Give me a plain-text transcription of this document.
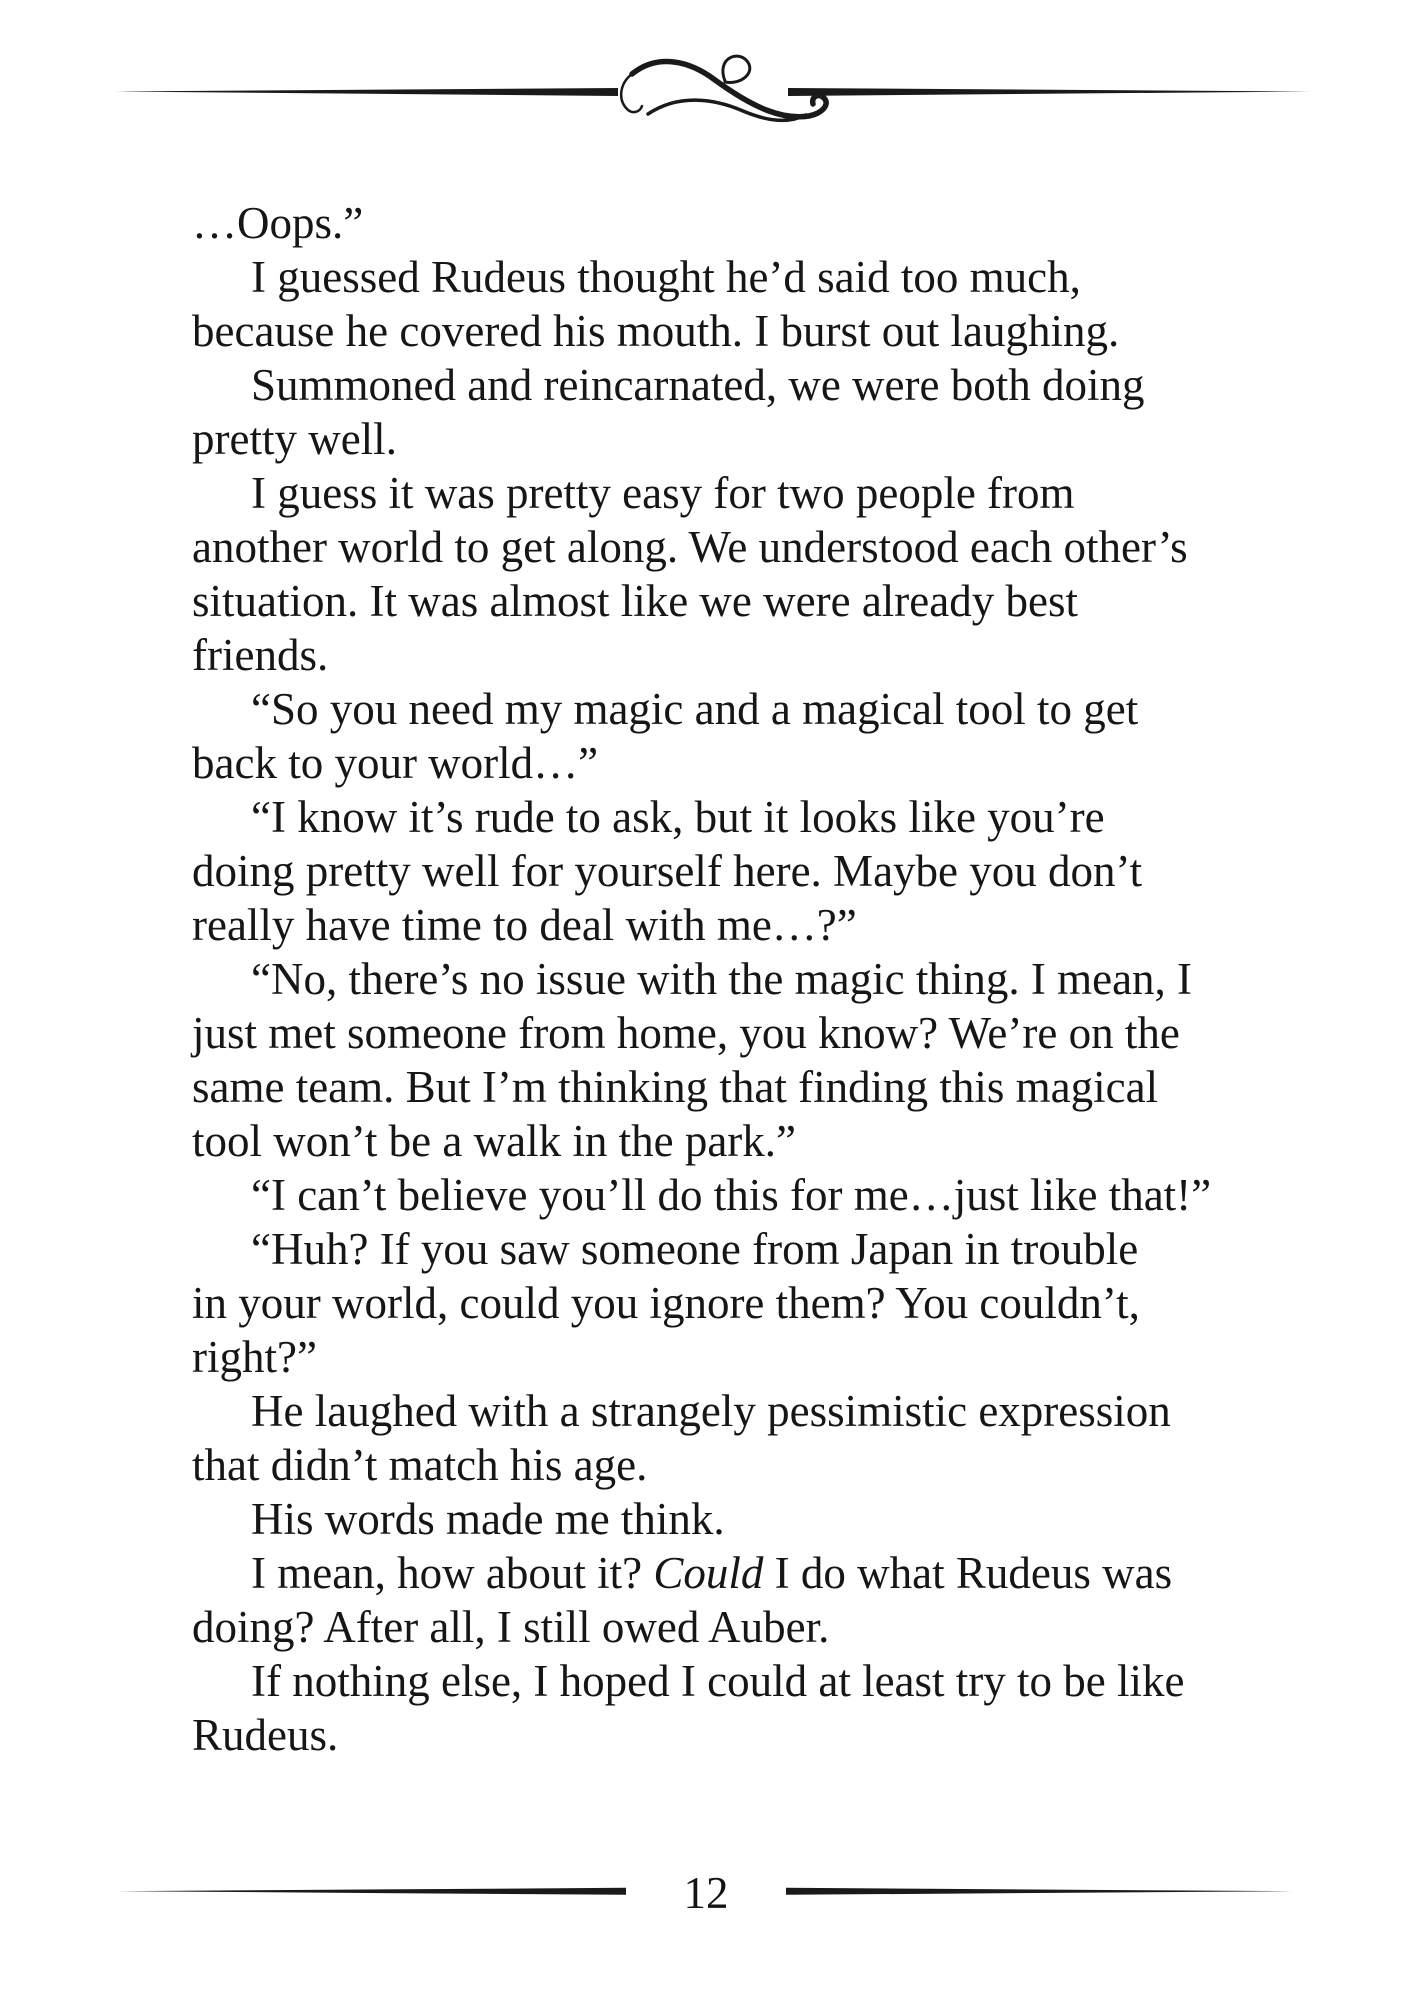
…Oops.”
I guessed Rudeus thought he’d said too much,
because he covered his mouth. I burst out laughing.
Summoned and reincarnated, we were both doing
pretty well.
I guess it was pretty easy for two people from
another world to get along. We understood each other’s
situation. It was almost like we were already best
friends.
“So you need my magic and a magical tool to get
back to your world…”
“I know it’s rude to ask, but it looks like you’re
doing pretty well for yourself here. Maybe you don’t
really have time to deal with me…?”
“No, there’s no issue with the magic thing. I mean, I
just met someone from home, you know? We’re on the
same team. But I’m thinking that finding this magical
tool won’t be a walk in the park.”
“I can’t believe you’ll do this for me…just like that!”
“Huh? If you saw someone from Japan in trouble
in your world, could you ignore them? You couldn’t,
right?”
He laughed with a strangely pessimistic expression
that didn’t match his age.
His words made me think.
I mean, how about it? Could I do what Rudeus was
doing? After all, I still owed Auber.
If nothing else, I hoped I could at least try to be like
Rudeus.
12
